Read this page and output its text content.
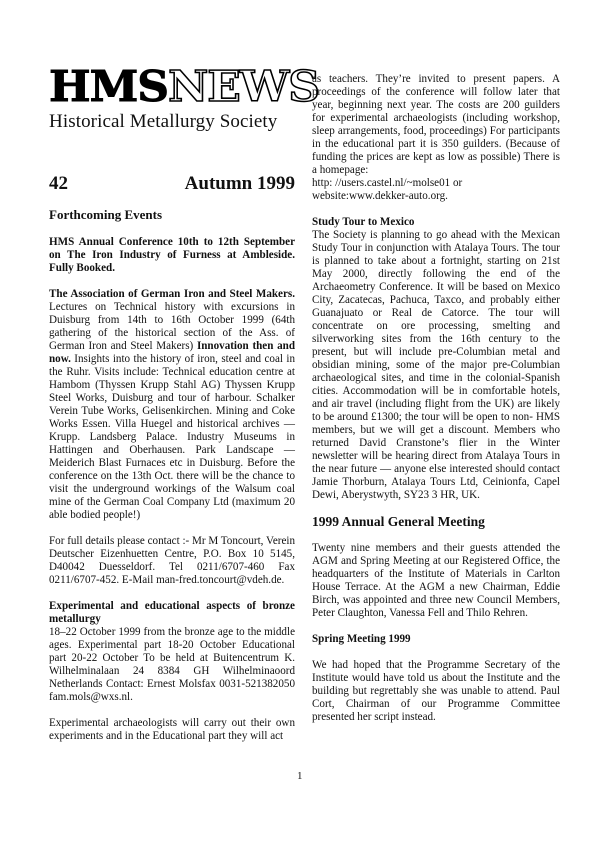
HMSNEWS
Historical Metallurgy Society
42	Autumn 1999
Forthcoming Events

HMS Annual Conference 10th to 12th September on The Iron Industry of Furness at Ambleside. Fully Booked.

The Association of German Iron and Steel Makers. Lectures on Technical history with excursions in Duisburg from 14th to 16th October 1999 (64th gathering of the historical section of the Ass. of German Iron and Steel Makers) Innovation then and now. Insights into the history of iron, steel and coal in the Ruhr. Visits include: Technical education centre at Hambom (Thyssen Krupp Stahl AG) Thyssen Krupp Steel Works, Duisburg and tour of harbour. Schalker Verein Tube Works, Gelisenkirchen. Mining and Coke Works Essen. Villa Huegel and historical archives — Krupp. Landsberg Palace. Industry Museums in Hattingen and Oberhausen. Park Landscape — Meiderich Blast Furnaces etc in Duisburg. Before the conference on the 13th Oct. there will be the chance to visit the underground workings of the Walsum coal mine of the German Coal Company Ltd (maximum 20 able bodied people!)

For full details please contact :- Mr M Toncourt, Verein Deutscher Eizenhuetten Centre, P.O. Box 10 5145, D40042 Duesseldorf. Tel 0211/6707-460 Fax 0211/6707-452. E-Mail man-fred.toncourt@vdeh.de.

Experimental and educational aspects of bronze metallurgy

18–22 October 1999 from the bronze age to the middle ages. Experimental part 18-20 October Educational part 20-22 October To be held at Buitencentrum K. Wilhelminalaan 24 8384 GH Wilhelminaoord Netherlands Contact: Ernest Molsfax 0031-521382050 fam.mols@wxs.nl.

Experimental archaeologists will carry out their own experiments and in the Educational part they will act

as teachers. They’re invited to present papers. A proceedings of the conference will follow later that year, beginning next year. The costs are 200 guilders for experimental archaeologists (including workshop, sleep arrangements, food, proceedings) For participants in the educational part it is 350 guilders. (Because of funding the prices are kept as low as possible) There is a homepage:

http: //users.castel.nl/~molse01 or

website:www.dekker-auto.org.

Study Tour to Mexico

The Society is planning to go ahead with the Mexican Study Tour in conjunction with Atalaya Tours. The tour is planned to take about a fortnight, starting on 21st May 2000, directly following the end of the Archaeometry Conference. It will be based on Mexico City, Zacatecas, Pachuca, Taxco, and probably either Guanajuato or Real de Catorce. The tour will concentrate on ore processing, smelting and silverworking sites from the 16th century to the present, but will include pre-Columbian metal and obsidian mining, some of the major pre-Columbian archaeological sites, and time in the colonial-Spanish cities. Accommodation will be in comfortable hotels, and air travel (including flight from the UK) are likely to be around £1300; the tour will be open to non- HMS members, but we will get a discount. Members who returned David Cranstone’s flier in the Winter newsletter will be hearing direct from Atalaya Tours in the near future — anyone else interested should contact Jamie Thorburn, Atalaya Tours Ltd, Ceinionfa, Capel Dewi, Aberystwyth, SY23 3 HR, UK.

1999 Annual General Meeting

Twenty nine members and their guests attended the AGM and Spring Meeting at our Registered Office, the headquarters of the Institute of Materials in Carlton House Terrace. At the AGM a new Chairman, Eddie Birch, was appointed and three new Council Members, Peter Claughton, Vanessa Fell and Thilo Rehren.

Spring Meeting 1999

We had hoped that the Programme Secretary of the Institute would have told us about the Institute and the building but regrettably she was unable to attend. Paul Cort, Chairman of our Programme Committee presented her script instead.

1
